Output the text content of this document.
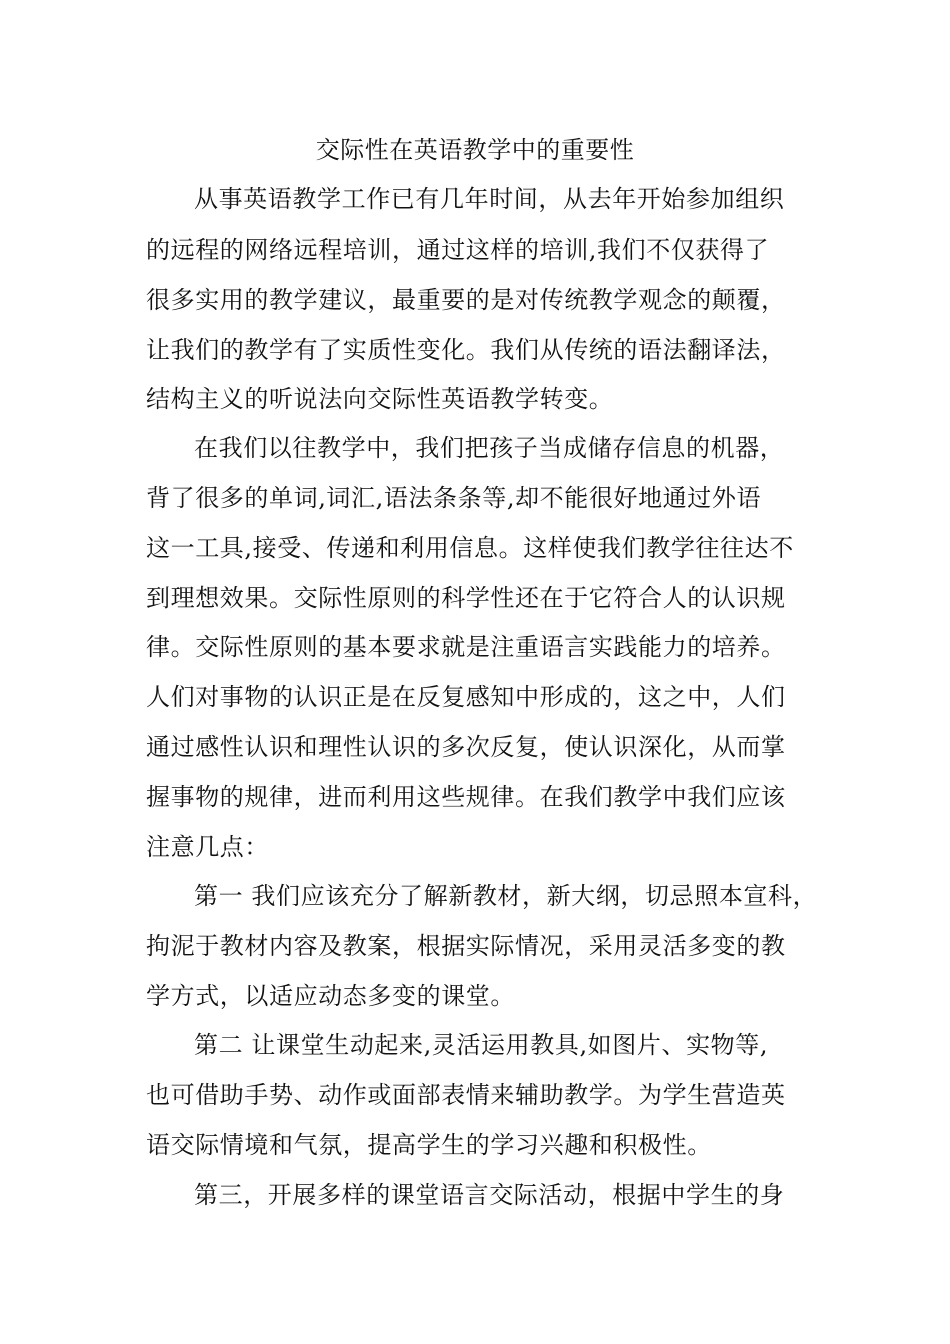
交际性在英语教学中的重要性
从事英语教学工作已有几年时间，从去年开始参加组织
的远程的网络远程培训，通过这样的培训,我们不仅获得了
很多实用的教学建议，最重要的是对传统教学观念的颠覆，
让我们的教学有了实质性变化。我们从传统的语法翻译法，
结构主义的听说法向交际性英语教学转变。
在我们以往教学中，我们把孩子当成储存信息的机器，
背了很多的单词,词汇,语法条条等,却不能很好地通过外语
这一工具,接受、传递和利用信息。这样使我们教学往往达不
到理想效果。交际性原则的科学性还在于它符合人的认识规
律。交际性原则的基本要求就是注重语言实践能力的培养。
人们对事物的认识正是在反复感知中形成的，这之中，人们
通过感性认识和理性认识的多次反复，使认识深化，从而掌
握事物的规律，进而利用这些规律。在我们教学中我们应该
注意几点：
第一 我们应该充分了解新教材，新大纲，切忌照本宣科，
拘泥于教材内容及教案，根据实际情况，采用灵活多变的教
学方式，以适应动态多变的课堂。
第二 让课堂生动起来,灵活运用教具,如图片、实物等,
也可借助手势、动作或面部表情来辅助教学。为学生营造英
语交际情境和气氛，提高学生的学习兴趣和积极性。
第三，开展多样的课堂语言交际活动，根据中学生的身
